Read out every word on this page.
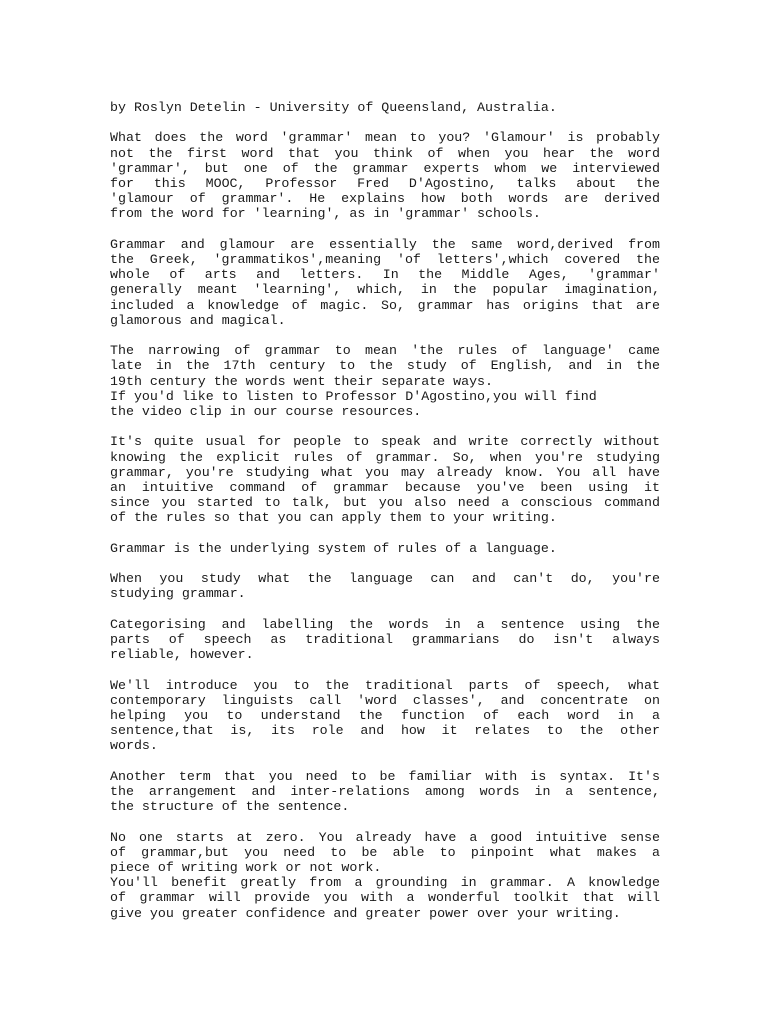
by Roslyn Detelin - University of Queensland, Australia.

What does the word 'grammar' mean to you? 'Glamour' is probably
not the first word that you think of when you hear the word
'grammar', but one of the grammar experts whom we interviewed
for this MOOC, Professor Fred D'Agostino, talks about the
'glamour of grammar'. He explains how both words are derived
from the word for 'learning', as in 'grammar' schools.

Grammar and glamour are essentially the same word,derived from
the Greek, 'grammatikos',meaning 'of letters',which covered the
whole of arts and letters. In the Middle Ages, 'grammar'
generally meant 'learning', which, in the popular imagination,
included a knowledge of magic. So, grammar has origins that are
glamorous and magical.

The narrowing of grammar to mean 'the rules of language' came
late in the 17th century to the study of English, and in the
19th century the words went their separate ways.
If you'd like to listen to Professor D'Agostino,you will find
the video clip in our course resources.

It's quite usual for people to speak and write correctly without
knowing the explicit rules of grammar. So, when you're studying
grammar, you're studying what you may already know. You all have
an intuitive command of grammar because you've been using it
since you started to talk, but you also need a conscious command
of the rules so that you can apply them to your writing.

Grammar is the underlying system of rules of a language.

When you study what the language can and can't do, you're
studying grammar.

Categorising and labelling the words in a sentence using the
parts of speech as traditional grammarians do isn't always
reliable, however.

We'll introduce you to the traditional parts of speech, what
contemporary linguists call 'word classes', and concentrate on
helping you to understand the function of each word in a
sentence,that is, its role and how it relates to the other
words.

Another term that you need to be familiar with is syntax. It's
the arrangement and inter-relations among words in a sentence,
the structure of the sentence.

No one starts at zero. You already have a good intuitive sense
of grammar,but you need to be able to pinpoint what makes a
piece of writing work or not work.
You'll benefit greatly from a grounding in grammar. A knowledge
of grammar will provide you with a wonderful toolkit that will
give you greater confidence and greater power over your writing.
